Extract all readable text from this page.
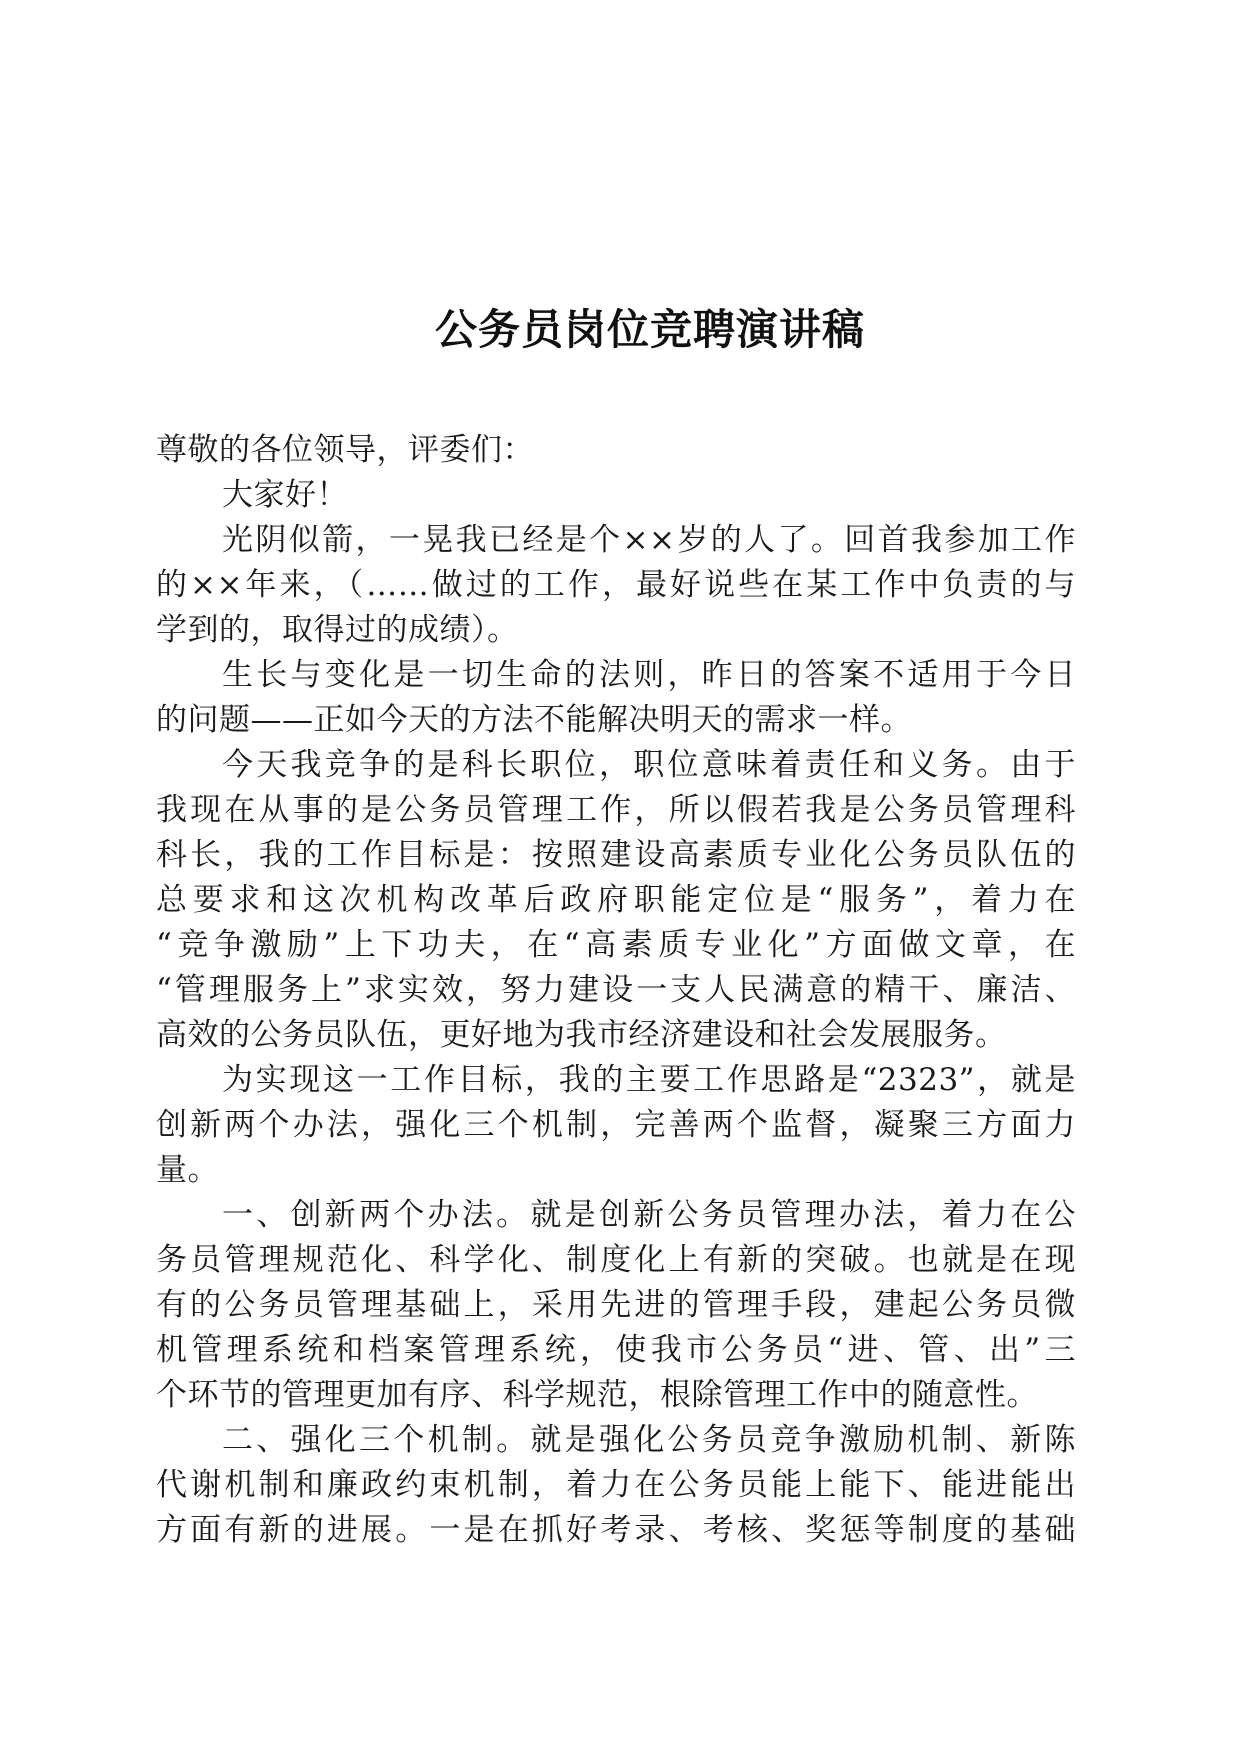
公务员岗位竞聘演讲稿
尊敬的各位领导，评委们：
大家好！
光阴似箭，一晃我已经是个××岁的人了。回首我参加工作
的××年来，（……做过的工作，最好说些在某工作中负责的与
学到的，取得过的成绩）。
生长与变化是一切生命的法则，昨日的答案不适用于今日
的问题——正如今天的方法不能解决明天的需求一样。
今天我竞争的是科长职位，职位意味着责任和义务。由于
我现在从事的是公务员管理工作，所以假若我是公务员管理科
科长，我的工作目标是：按照建设高素质专业化公务员队伍的
总要求和这次机构改革后政府职能定位是“服务”，着力在
“竞争激励”上下功夫，在“高素质专业化”方面做文章，在
“管理服务上”求实效，努力建设一支人民满意的精干、廉洁、
高效的公务员队伍，更好地为我市经济建设和社会发展服务。
为实现这一工作目标，我的主要工作思路是“2323”，就是
创新两个办法，强化三个机制，完善两个监督，凝聚三方面力
量。
一、创新两个办法。就是创新公务员管理办法，着力在公
务员管理规范化、科学化、制度化上有新的突破。也就是在现
有的公务员管理基础上，采用先进的管理手段，建起公务员微
机管理系统和档案管理系统，使我市公务员“进、管、出”三
个环节的管理更加有序、科学规范，根除管理工作中的随意性。
二、强化三个机制。就是强化公务员竞争激励机制、新陈
代谢机制和廉政约束机制，着力在公务员能上能下、能进能出
方面有新的进展。一是在抓好考录、考核、奖惩等制度的基础
